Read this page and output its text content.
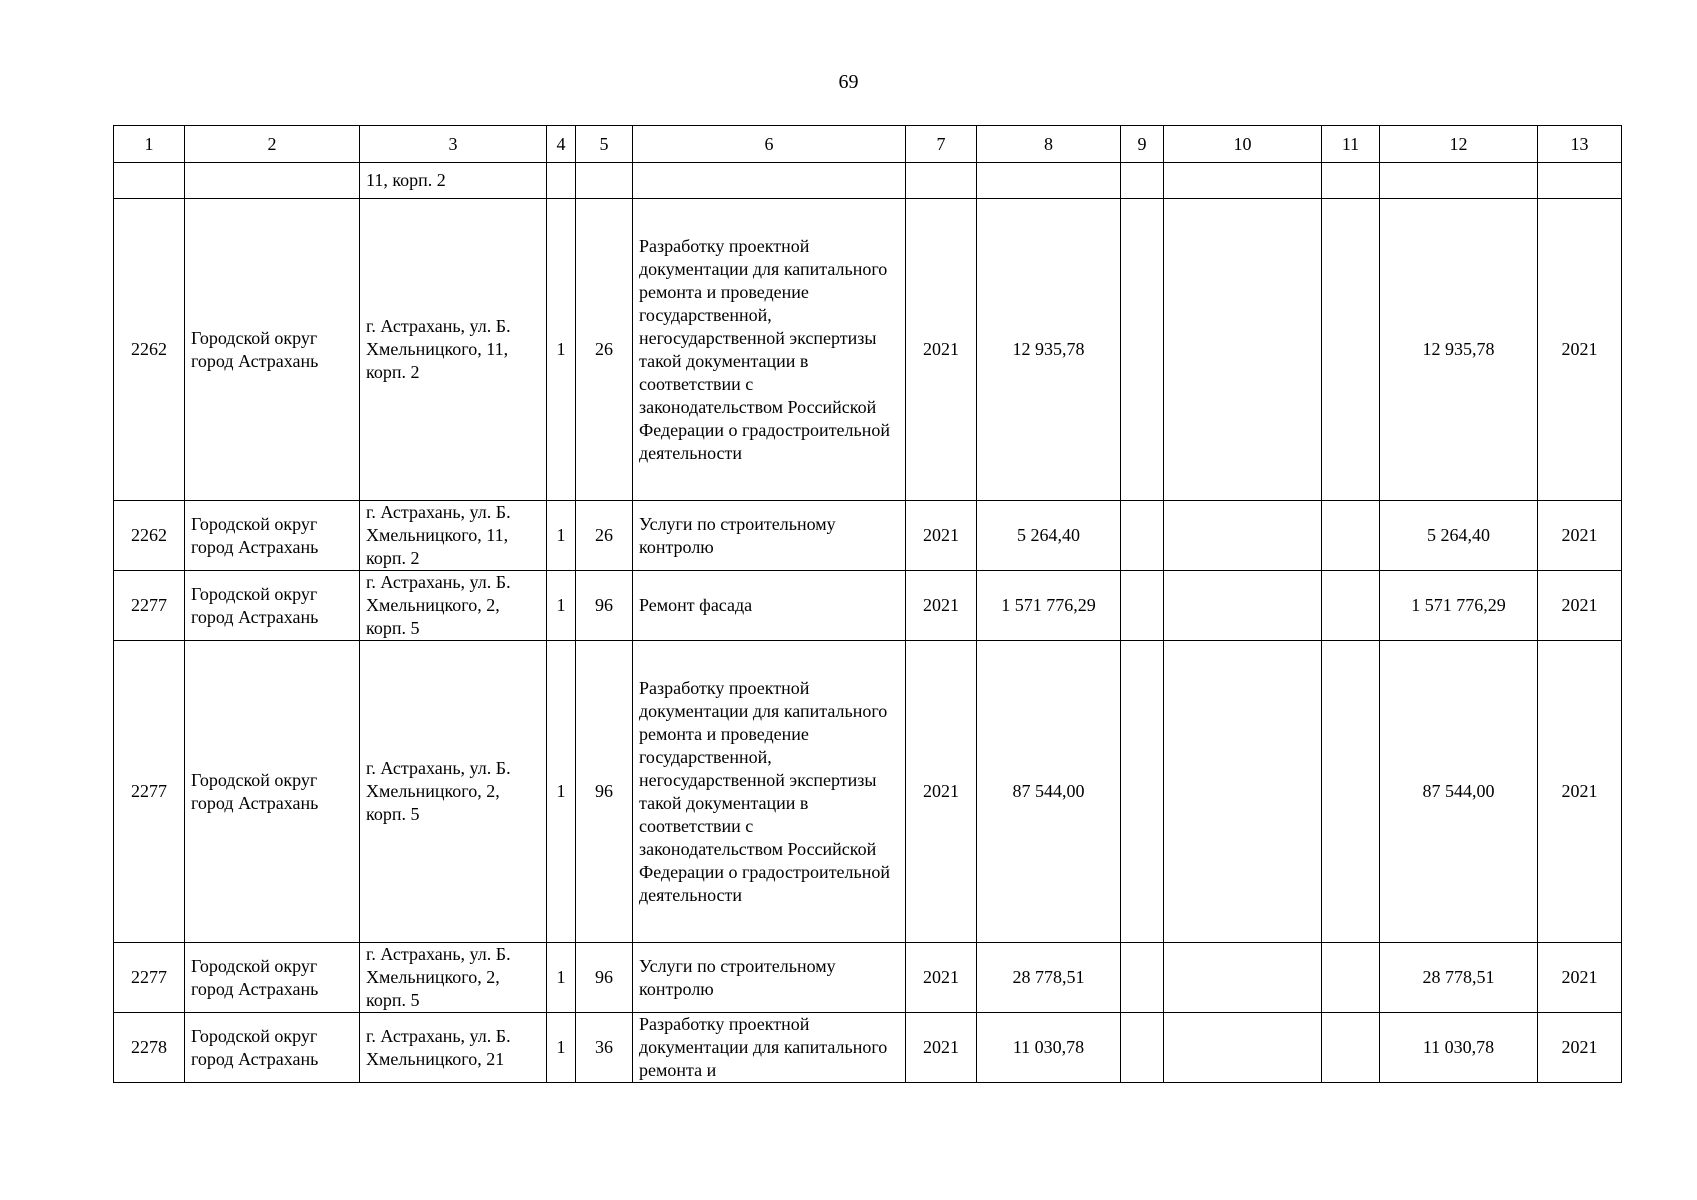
69
1	2	3	4	5	6	7	8	9	10	11	12	13
		11, корп. 2										
2262	Городской округ город Астрахань	г. Астрахань, ул. Б. Хмельницкого, 11, корп. 2	1	26	Разработку проектной документации для капитального ремонта и проведение государственной, негосударственной экспертизы такой документации в соответствии с законодательством Российской Федерации о градостроительной деятельности	2021	12 935,78				12 935,78	2021
2262	Городской округ город Астрахань	г. Астрахань, ул. Б. Хмельницкого, 11, корп. 2	1	26	Услуги по строительному контролю	2021	5 264,40				5 264,40	2021
2277	Городской округ город Астрахань	г. Астрахань, ул. Б. Хмельницкого, 2, корп. 5	1	96	Ремонт фасада	2021	1 571 776,29				1 571 776,29	2021
2277	Городской округ город Астрахань	г. Астрахань, ул. Б. Хмельницкого, 2, корп. 5	1	96	Разработку проектной документации для капитального ремонта и проведение государственной, негосударственной экспертизы такой документации в соответствии с законодательством Российской Федерации о градостроительной деятельности	2021	87 544,00				87 544,00	2021
2277	Городской округ город Астрахань	г. Астрахань, ул. Б. Хмельницкого, 2, корп. 5	1	96	Услуги по строительному контролю	2021	28 778,51				28 778,51	2021
2278	Городской округ город Астрахань	г. Астрахань, ул. Б. Хмельницкого, 21	1	36	Разработку проектной документации для капитального ремонта и	2021	11 030,78				11 030,78	2021
